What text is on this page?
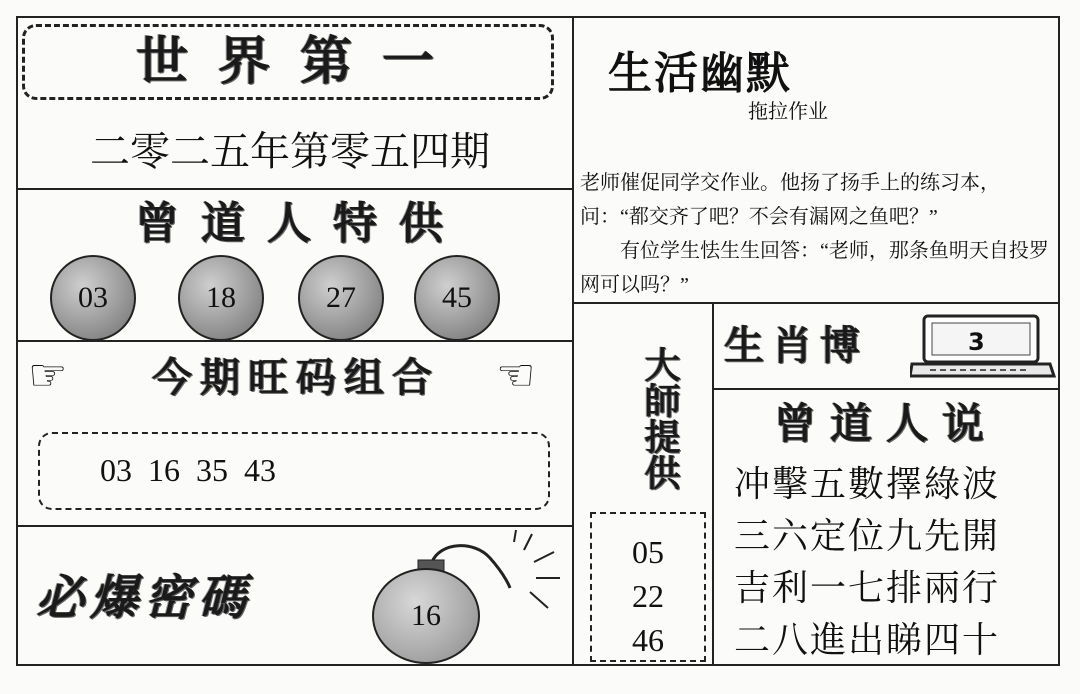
世界第一
二零二五年第零五四期
曾道人特供
03	18	27	45
☞	☜
今期旺码组合
03  16  35  43
必爆密碼	16
生活幽默
拖拉作业

老师催促同学交作业。他扬了扬手上的练习本，问：“都交齐了吧？不会有漏网之鱼吧？”

　　有位学生怯生生回答：“老师，那条鱼明天自投罗网可以吗？”

大師提供
05
22
46
生肖博	3
曾道人说
冲擊五數擇綠波
三六定位九先開
吉利一七排兩行
二八進出睇四十
